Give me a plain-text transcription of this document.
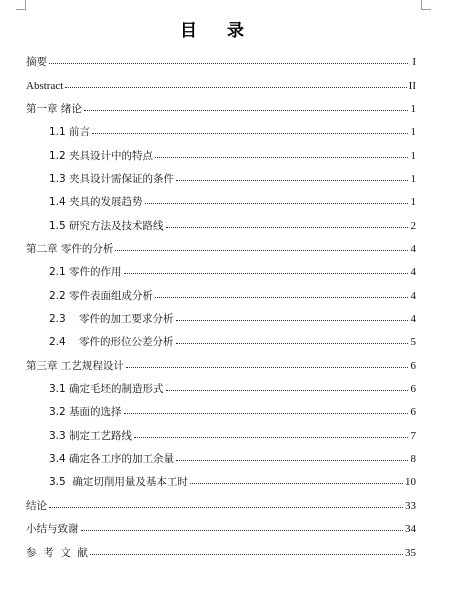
目 录
摘要	I
Abstract	II
第一章 绪论	1
1.1 前言	1
1.2 夹具设计中的特点	1
1.3 夹具设计需保证的条件	1
1.4 夹具的发展趋势	1
1.5 研究方法及技术路线	2
第二章 零件的分析	4
2.1 零件的作用	4
2.2 零件表面组成分析	4
2.3    零件的加工要求分析	4
2.4    零件的形位公差分析	5
第三章 工艺规程设计	6
3.1 确定毛坯的制造形式	6
3.2 基面的选择	6
3.3 制定工艺路线	7
3.4 确定各工序的加工余量	8
3.5  确定切削用量及基本工时	10
结论	33
小结与致谢	34
参  考  文  献	35
